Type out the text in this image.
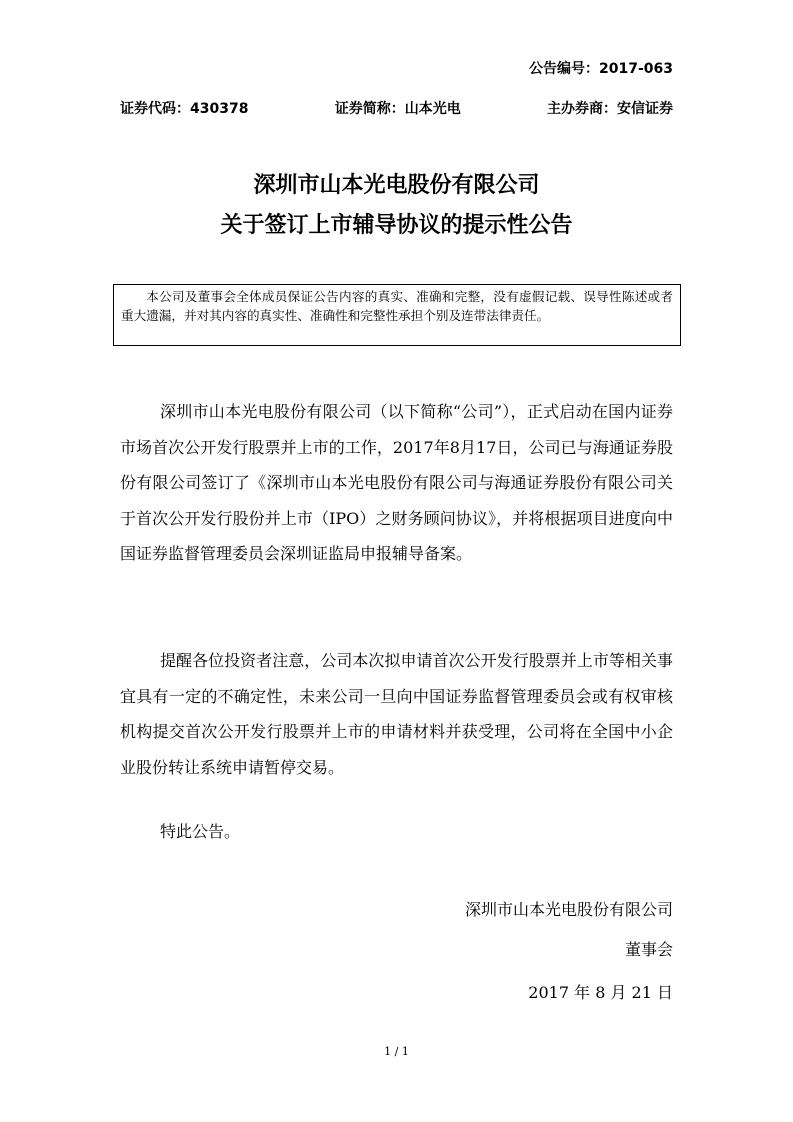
公告编号：2017-063
证券代码：430378	证券简称：山本光电	主办券商：安信证券
深圳市山本光电股份有限公司
关于签订上市辅导协议的提示性公告

本公司及董事会全体成员保证公告内容的真实、准确和完整，没有虚假记载、误导性陈述或者重大遗漏，并对其内容的真实性、准确性和完整性承担个别及连带法律责任。

深圳市山本光电股份有限公司（以下简称“公司”），正式启动在国内证券市场首次公开发行股票并上市的工作，2017年8月17日，公司已与海通证券股份有限公司签订了《深圳市山本光电股份有限公司与海通证券股份有限公司关于首次公开发行股份并上市（IPO）之财务顾问协议》，并将根据项目进度向中国证券监督管理委员会深圳证监局申报辅导备案。

提醒各位投资者注意，公司本次拟申请首次公开发行股票并上市等相关事宜具有一定的不确定性，未来公司一旦向中国证券监督管理委员会或有权审核机构提交首次公开发行股票并上市的申请材料并获受理，公司将在全国中小企业股份转让系统申请暂停交易。

特此公告。

深圳市山本光电股份有限公司
董事会
2017 年 8 月 21 日
1 / 1
